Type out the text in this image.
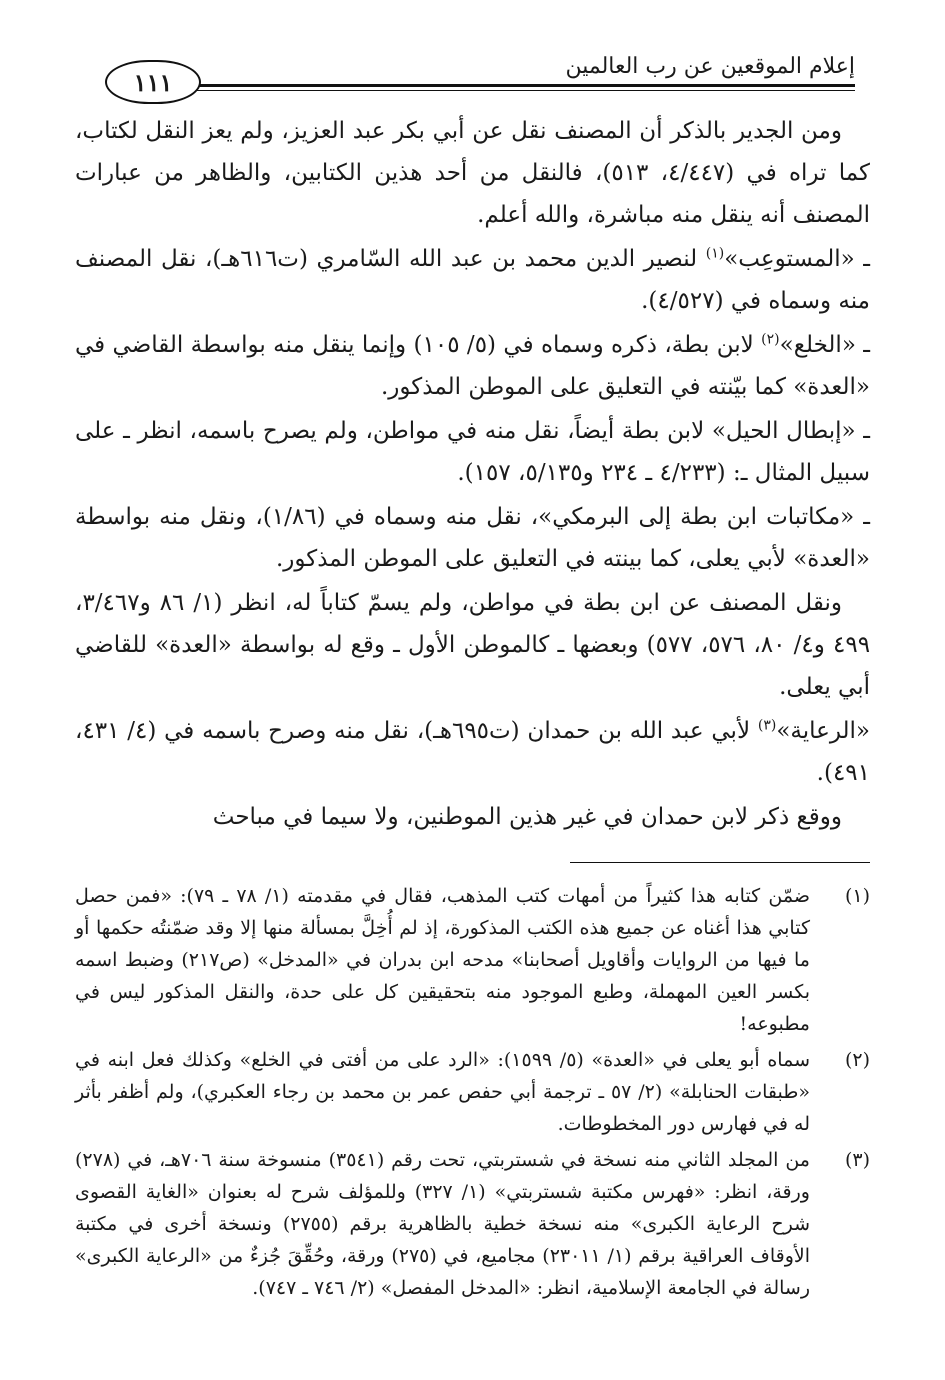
إعلام الموقعين عن رب العالمين
١١١

ومن الجدير بالذكر أن المصنف نقل عن أبي بكر عبد العزيز، ولم يعز النقل لكتاب، كما تراه في (٤/٤٤٧، ٥١٣)، فالنقل من أحد هذين الكتابين، والظاهر من عبارات المصنف أنه ينقل منه مباشرة، والله أعلم.

ـ «المستوعِب»$^{(١)}$ لنصير الدين محمد بن عبد الله السّامري (ت٦١٦هـ)، نقل المصنف منه وسماه في (٤/٥٢٧).

ـ «الخلع»$^{(٢)}$ لابن بطة، ذكره وسماه في (٥/ ١٠٥) وإنما ينقل منه بواسطة القاضي في «العدة» كما بيّنته في التعليق على الموطن المذكور.

ـ «إبطال الحيل» لابن بطة أيضاً، نقل منه في مواطن، ولم يصرح باسمه، انظر ـ على سبيل المثال ـ: (٤/٢٣٣ ـ ٢٣٤ و٥/١٣٥، ١٥٧).

ـ «مكاتبات ابن بطة إلى البرمكي»، نقل منه وسماه في (١/٨٦)، ونقل منه بواسطة «العدة» لأبي يعلى، كما بينته في التعليق على الموطن المذكور.

ونقل المصنف عن ابن بطة في مواطن، ولم يسمّ كتاباً له، انظر (١/ ٨٦ و٣/٤٦٧، ٤٩٩ و٤/ ٨٠، ٥٧٦، ٥٧٧) وبعضها ـ كالموطن الأول ـ وقع له بواسطة «العدة» للقاضي أبي يعلى.

«الرعاية»$^{(٣)}$ لأبي عبد الله بن حمدان (ت٦٩٥هـ)، نقل منه وصرح باسمه في (٤/ ٤٣١، ٤٩١).

ووقع ذكر لابن حمدان في غير هذين الموطنين، ولا سيما في مباحث

(١)
ضمّن كتابه هذا كثيراً من أمهات كتب المذهب، فقال في مقدمته (١/ ٧٨ ـ ٧٩): «فمن حصل كتابي هذا أغناه عن جميع هذه الكتب المذكورة، إذ لم أُخِلَّ بمسألة منها إلا وقد ضمّنتُه حكمها أو ما فيها من الروايات وأقاويل أصحابنا» مدحه ابن بدران في «المدخل» (ص٢١٧) وضبط اسمه بكسر العين المهملة، وطبع الموجود منه بتحقيقين كل على حدة، والنقل المذكور ليس في مطبوعه!
(٢)
سماه أبو يعلى في «العدة» (٥/ ١٥٩٩): «الرد على من أفتى في الخلع» وكذلك فعل ابنه في «طبقات الحنابلة» (٢/ ٥٧ ـ ترجمة أبي حفص عمر بن محمد بن رجاء العكبري)، ولم أظفر بأثر له في فهارس دور المخطوطات.
(٣)
من المجلد الثاني منه نسخة في شستربتي، تحت رقم (٣٥٤١) منسوخة سنة ٧٠٦هـ، في (٢٧٨) ورقة، انظر: «فهرس مكتبة شستربتي» (١/ ٣٢٧) وللمؤلف شرح له بعنوان «الغاية القصوى شرح الرعاية الكبرى» منه نسخة خطية بالظاهرية برقم (٢٧٥٥) ونسخة أخرى في مكتبة الأوقاف العراقية برقم (١/ ٢٣٠١١) مجاميع، في (٢٧٥) ورقة، وحُقِّقَ جُزءٌ من «الرعاية الكبرى» رسالة في الجامعة الإسلامية، انظر: «المدخل المفصل» (٢/ ٧٤٦ ـ ٧٤٧).
